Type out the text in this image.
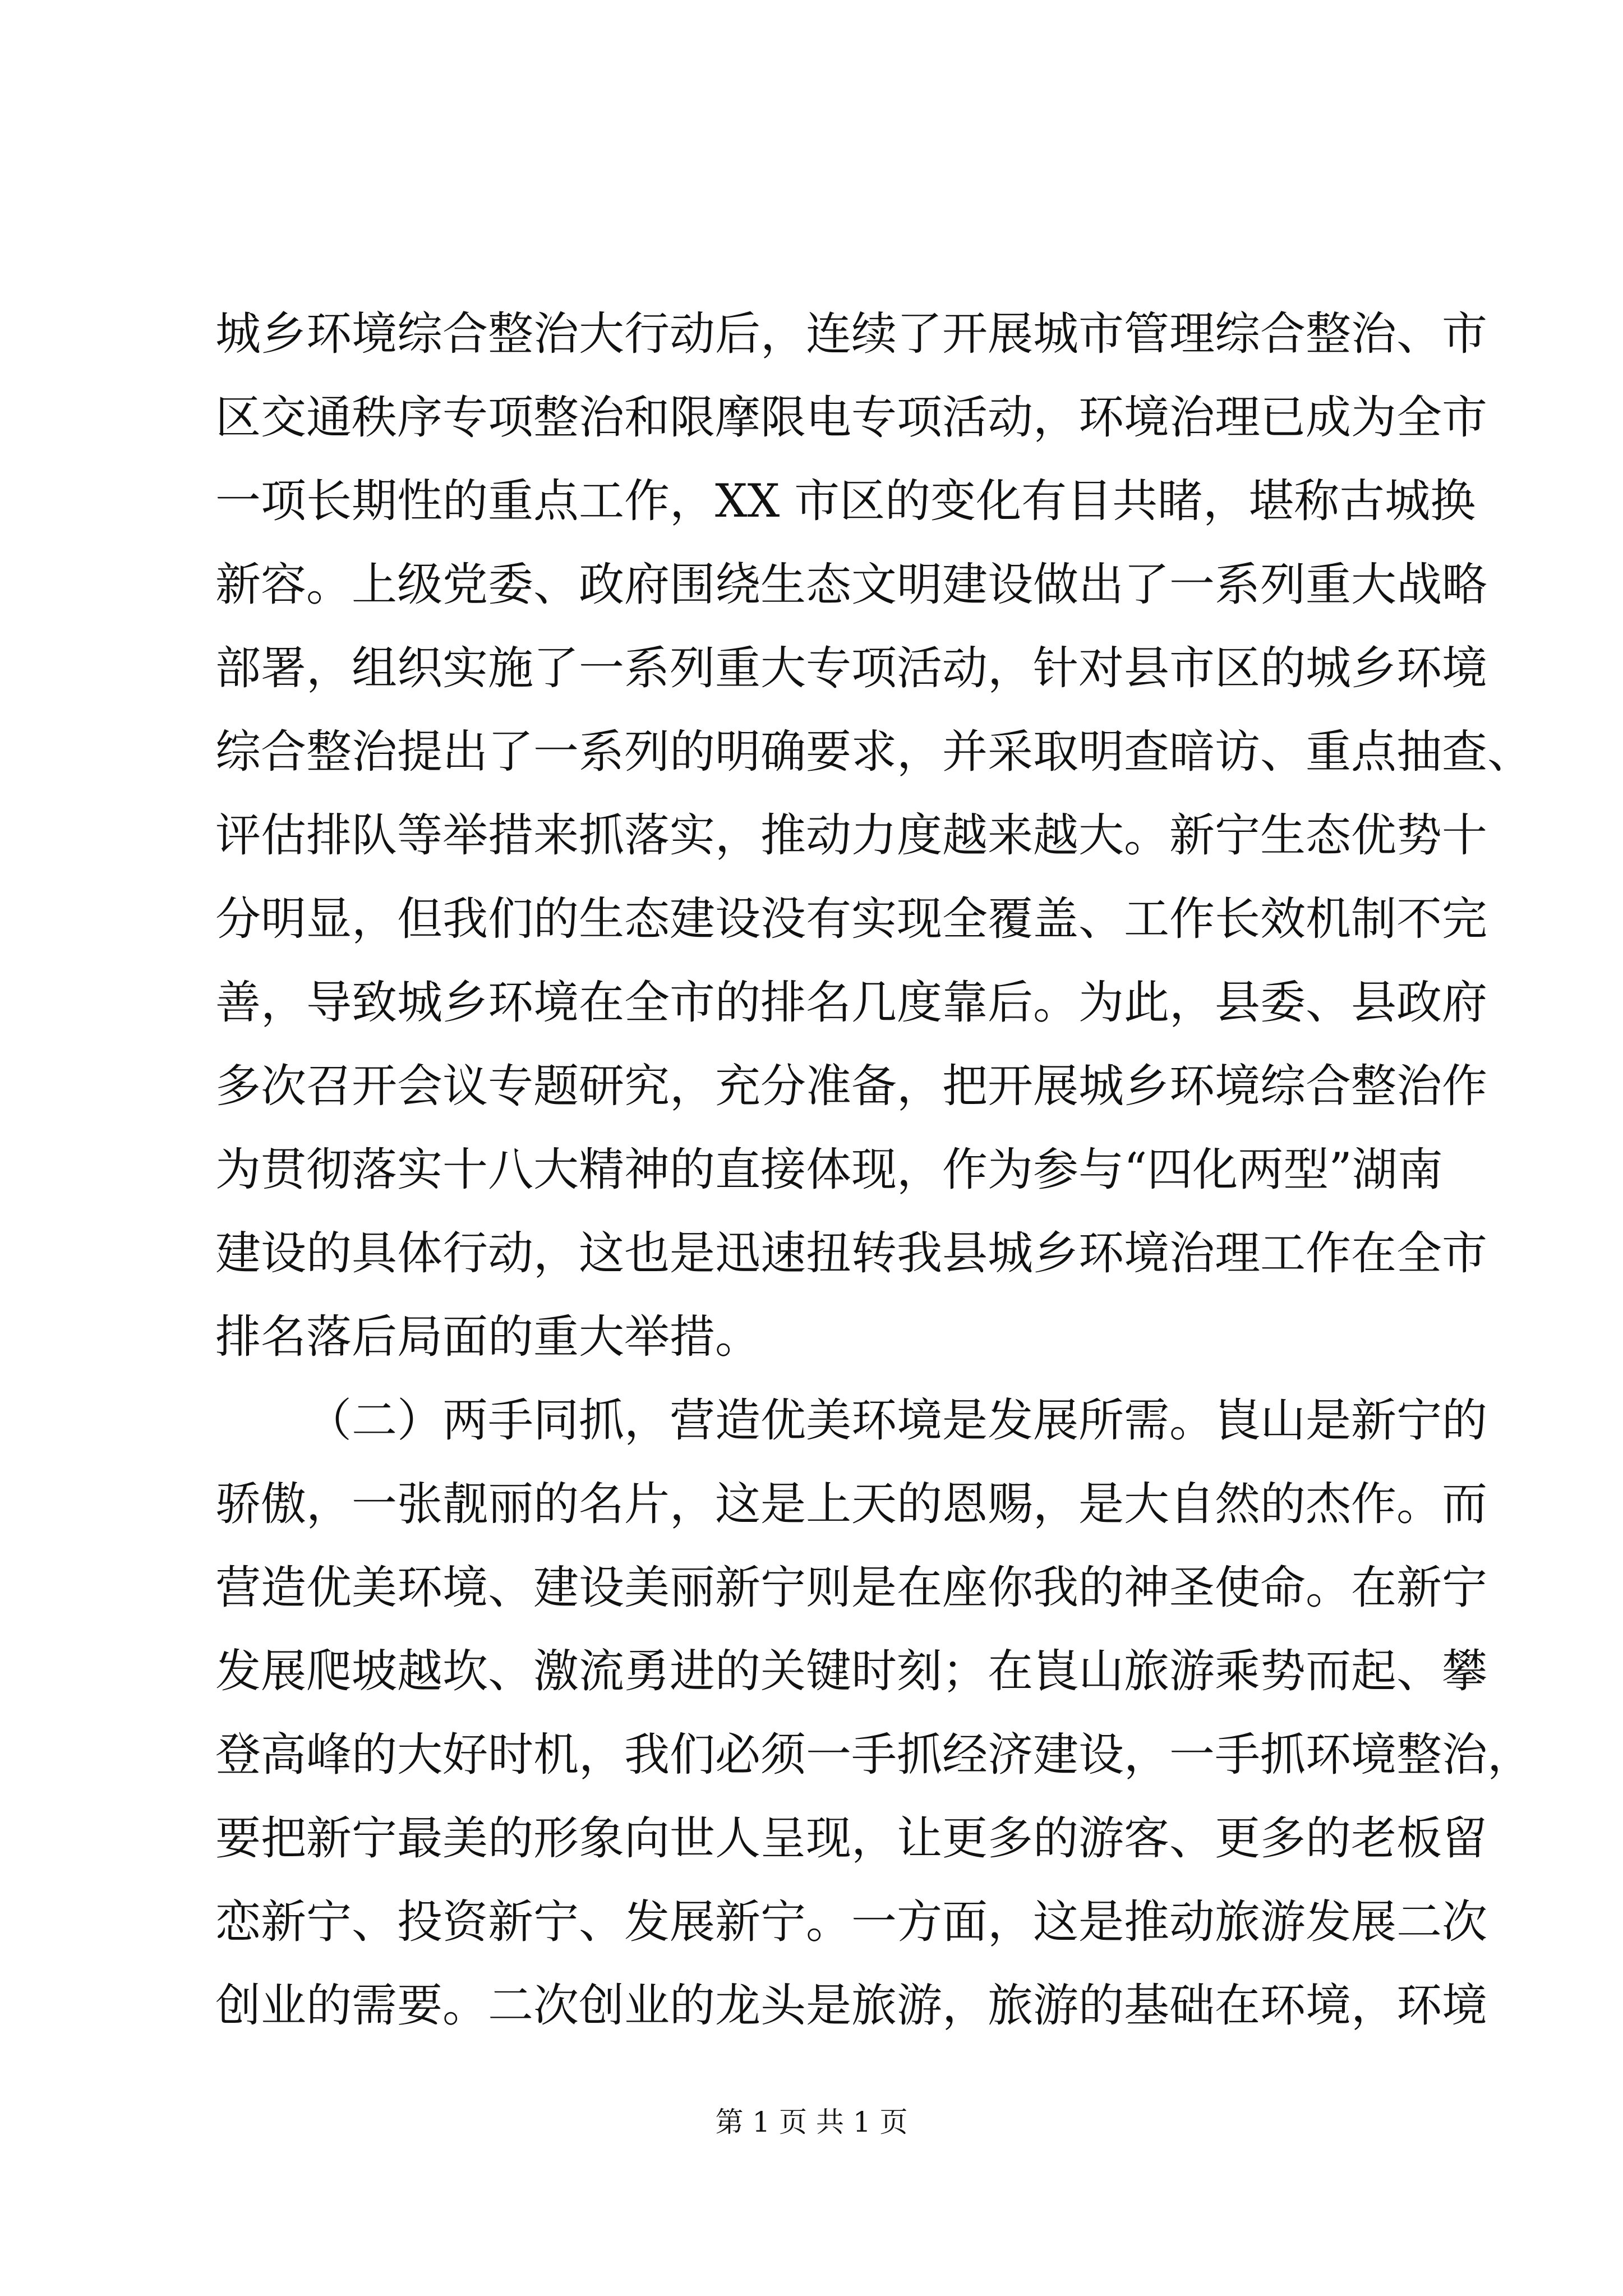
城乡环境综合整治大行动后，连续了开展城市管理综合整治、市
区交通秩序专项整治和限摩限电专项活动，环境治理已成为全市
一项长期性的重点工作，XX 市区的变化有目共睹，堪称古城换
新容。上级党委、政府围绕生态文明建设做出了一系列重大战略
部署，组织实施了一系列重大专项活动，针对县市区的城乡环境
综合整治提出了一系列的明确要求，并采取明查暗访、重点抽查、
评估排队等举措来抓落实，推动力度越来越大。新宁生态优势十
分明显，但我们的生态建设没有实现全覆盖、工作长效机制不完
善，导致城乡环境在全市的排名几度靠后。为此，县委、县政府
多次召开会议专题研究，充分准备，把开展城乡环境综合整治作
为贯彻落实十八大精神的直接体现，作为参与“四化两型”湖南
建设的具体行动，这也是迅速扭转我县城乡环境治理工作在全市
排名落后局面的重大举措。
（二）两手同抓，营造优美环境是发展所需。崀山是新宁的
骄傲，一张靓丽的名片，这是上天的恩赐，是大自然的杰作。而
营造优美环境、建设美丽新宁则是在座你我的神圣使命。在新宁
发展爬坡越坎、激流勇进的关键时刻；在崀山旅游乘势而起、攀
登高峰的大好时机，我们必须一手抓经济建设，一手抓环境整治，
要把新宁最美的形象向世人呈现，让更多的游客、更多的老板留
恋新宁、投资新宁、发展新宁。一方面，这是推动旅游发展二次
创业的需要。二次创业的龙头是旅游，旅游的基础在环境，环境
第 1 页 共 1 页
